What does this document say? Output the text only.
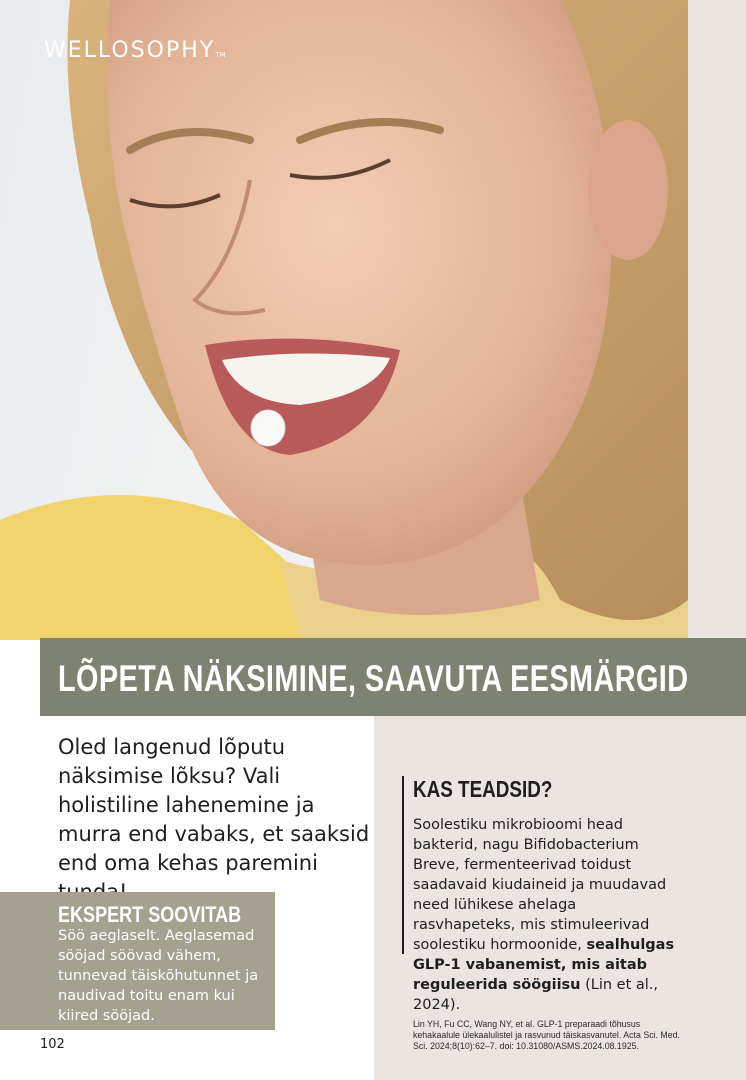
WELLOSOPHYTM
LÕPETA NÄKSIMINE, SAAVUTA EESMÄRGID
Oled langenud lõputu näksimise lõksu? Vali holistiline lahenemine ja murra end vabaks, et saaksid end oma kehas paremini
EKSPERT SOOVITAB
Söö aeglaselt. Aeglasemad sööjad söövad vähem, tunnevad täiskõhutunnet ja naudivad toitu enam kui kiired sööjad.
102
KAS TEADSID?
Soolestiku mikrobioomi head bakterid, nagu Bifidobacterium Breve, fermenteerivad toidust saadavaid kiudaineid ja muudavad need lühikese ahelaga rasvhapeteks, mis stimuleerivad soolestiku hormoonide, sealhulgas GLP-1 vabanemist, mis aitab reguleerida söögiisu (Lin et al., 2024).
Lin YH, Fu CC, Wang NY, et al. GLP-1 preparaadi tõhusus kehakaalule ülekaalulistel ja rasvunud täiskasvanutel. Acta Sci. Med. Sci. 2024;8(10):62–7. doi: 10.31080/ASMS.2024.08.1925.
